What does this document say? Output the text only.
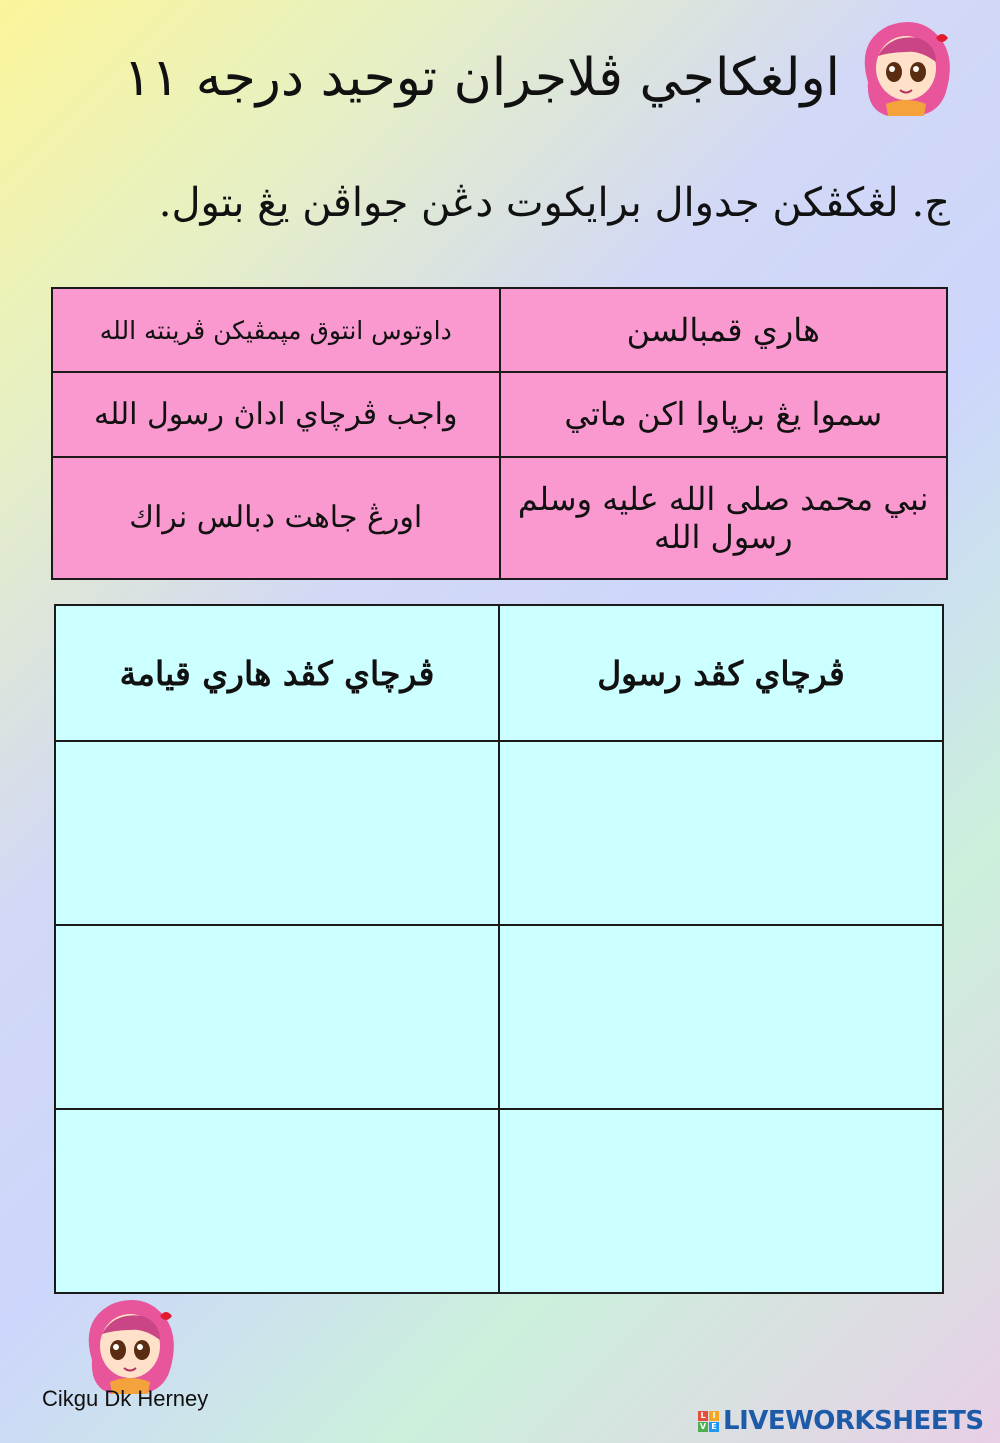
اولغكاجي ڤلاجران توحيد درجه ١١
ج. لڠكڤكن جدوال برايكوت دڠن جواڤن يڠ بتول.
هاري قمبالسن	داوتوس انتوق مڽمڤيكن ڤرينته الله
سموا يڠ برڽاوا اكن ماتي	واجب ڤرچاي اداڽ رسول الله
نبي محمد صلى الله عليه وسلم رسول الله	اورڠ جاهت دبالس نراك
ڤرچاي كڤد رسول	ڤرچاي كڤد هاري قيامة

Cikgu Dk Herney
L I
V E LIVEWORKSHEETS
